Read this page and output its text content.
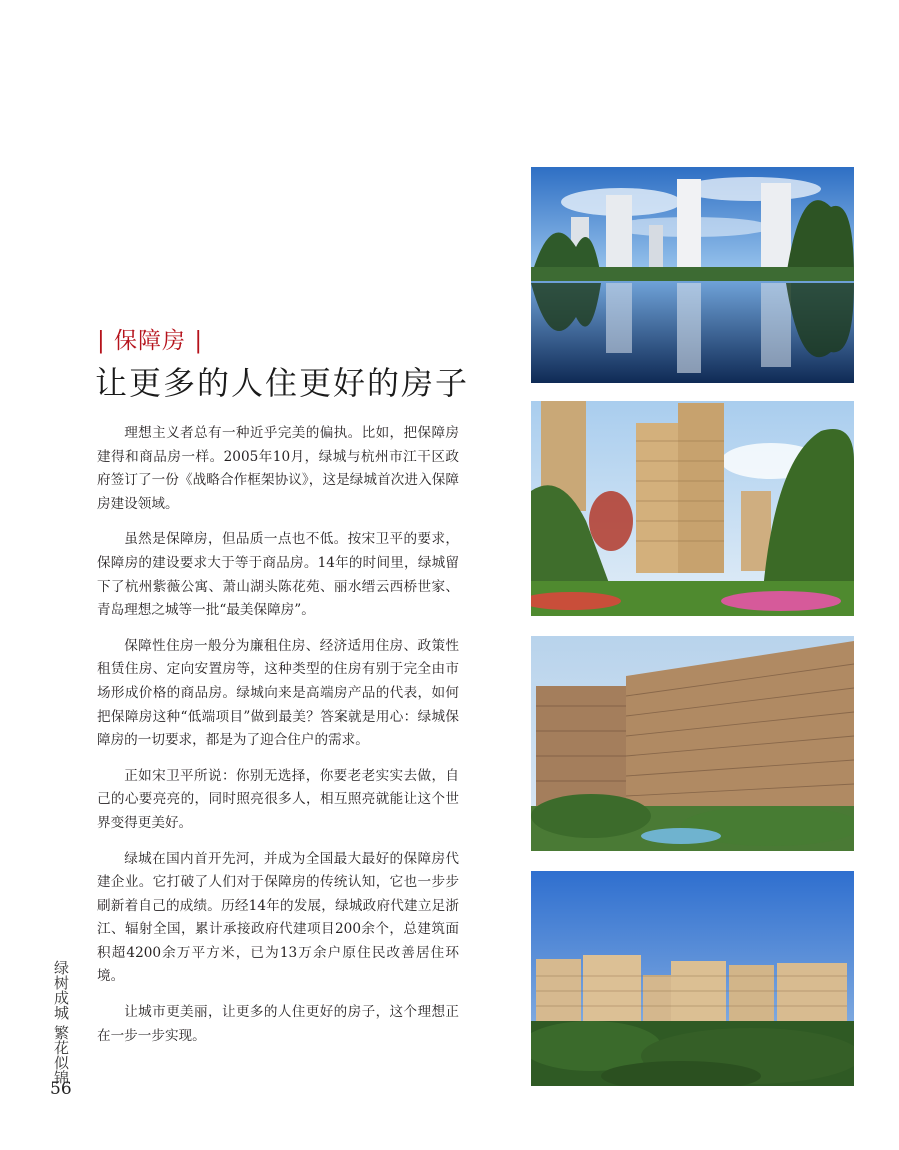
| 保障房 |
让更多的人住更好的房子

理想主义者总有一种近乎完美的偏执。比如，把保障房建得和商品房一样。2005年10月，绿城与杭州市江干区政府签订了一份《战略合作框架协议》，这是绿城首次进入保障房建设领域。

虽然是保障房，但品质一点也不低。按宋卫平的要求，保障房的建设要求大于等于商品房。14年的时间里，绿城留下了杭州紫薇公寓、萧山湖头陈花苑、丽水缙云西桥世家、青岛理想之城等一批“最美保障房”。

保障性住房一般分为廉租住房、经济适用住房、政策性租赁住房、定向安置房等，这种类型的住房有别于完全由市场形成价格的商品房。绿城向来是高端房产品的代表，如何把保障房这种“低端项目”做到最美？答案就是用心：绿城保障房的一切要求，都是为了迎合住户的需求。

正如宋卫平所说：你别无选择，你要老老实实去做，自己的心要亮亮的，同时照亮很多人，相互照亮就能让这个世界变得更美好。

绿城在国内首开先河，并成为全国最大最好的保障房代建企业。它打破了人们对于保障房的传统认知，它也一步步刷新着自己的成绩。历经14年的发展，绿城政府代建立足浙江、辐射全国，累计承接政府代建项目200余个，总建筑面积超4200余万平方米，已为13万余户原住民改善居住环境。

让城市更美丽，让更多的人住更好的房子，这个理想正在一步一步实现。

绿树成城 繁花似锦
56
